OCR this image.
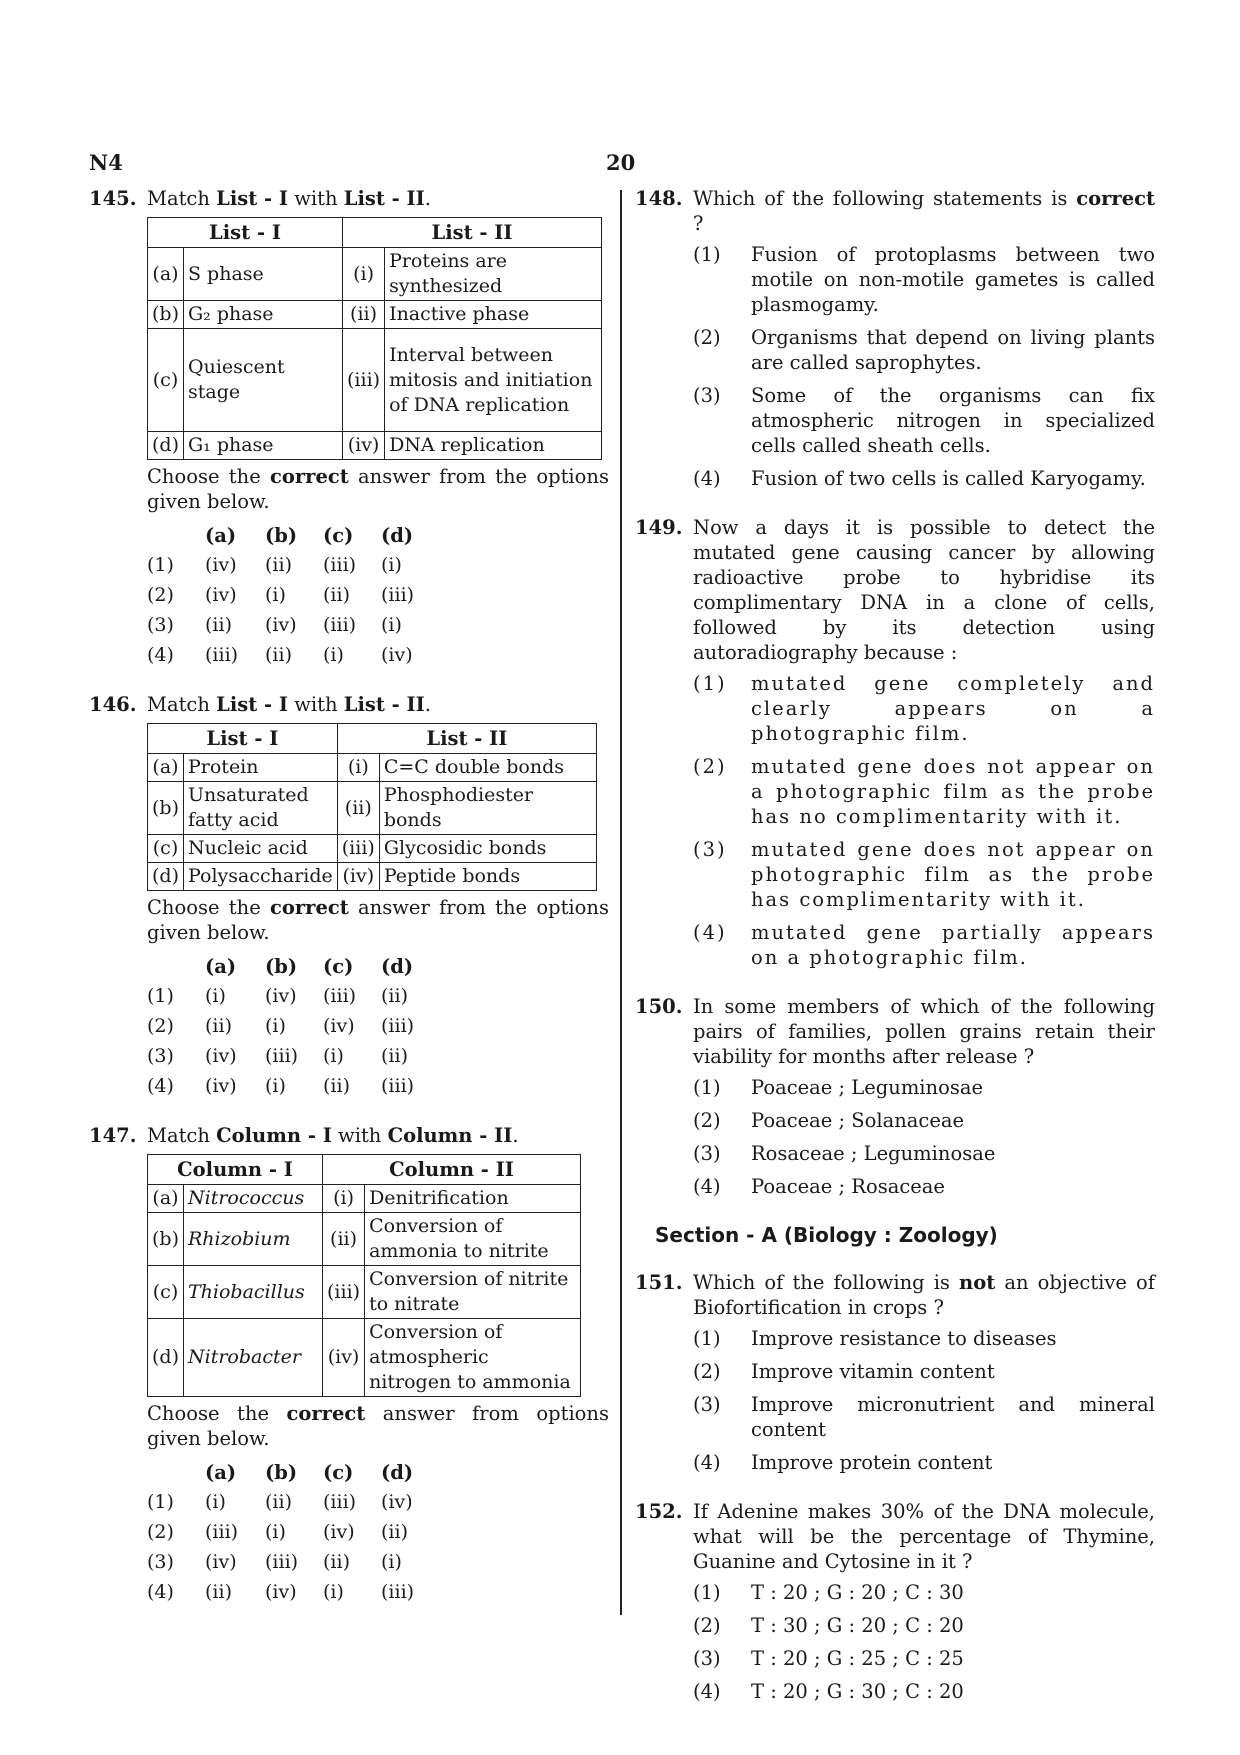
N4	20
145. Match List - I with List - II.
List - I		List - II	
(a)	S phase	(i)	Proteins are synthesized
(b)	G₂ phase	(ii)	Inactive phase
(c)	Quiescent stage	(iii)	Interval between mitosis and initiation of DNA replication
(d)	G₁ phase	(iv)	DNA replication
Choose the correct answer from the options given below.
	(a)	(b)	(c)	(d)
(1)	(iv)	(ii)	(iii)	(i)
(2)	(iv)	(i)	(ii)	(iii)
(3)	(ii)	(iv)	(iii)	(i)
(4)	(iii)	(ii)	(i)	(iv)
146. Match List - I with List - II.
List - I		List - II	
(a)	Protein	(i)	C=C double bonds
(b)	Unsaturated fatty acid	(ii)	Phosphodiester bonds
(c)	Nucleic acid	(iii)	Glycosidic bonds
(d)	Polysaccharide	(iv)	Peptide bonds
Choose the correct answer from the options given below.
	(a)	(b)	(c)	(d)
(1)	(i)	(iv)	(iii)	(ii)
(2)	(ii)	(i)	(iv)	(iii)
(3)	(iv)	(iii)	(i)	(ii)
(4)	(iv)	(i)	(ii)	(iii)
147. Match Column - I with Column - II.
Column - I		Column - II	
(a)	Nitrococcus	(i)	Denitrification
(b)	Rhizobium	(ii)	Conversion of ammonia to nitrite
(c)	Thiobacillus	(iii)	Conversion of nitrite to nitrate
(d)	Nitrobacter	(iv)	Conversion of atmospheric nitrogen to ammonia
Choose the correct answer from options given below.
	(a)	(b)	(c)	(d)
(1)	(i)	(ii)	(iii)	(iv)
(2)	(iii)	(i)	(iv)	(ii)
(3)	(iv)	(iii)	(ii)	(i)
(4)	(ii)	(iv)	(i)	(iii)
148. Which of the following statements is correct ?
(1) Fusion of protoplasms between two motile on non-motile gametes is called plasmogamy.
(2) Organisms that depend on living plants are called saprophytes.
(3) Some of the organisms can fix atmospheric nitrogen in specialized cells called sheath cells.
(4) Fusion of two cells is called Karyogamy.
149. Now a days it is possible to detect the mutated gene causing cancer by allowing radioactive probe to hybridise its complimentary DNA in a clone of cells, followed by its detection using autoradiography because :
(1) mutated gene completely and clearly appears on a photographic film.
(2) mutated gene does not appear on a photographic film as the probe has no complimentarity with it.
(3) mutated gene does not appear on photographic film as the probe has complimentarity with it.
(4) mutated gene partially appears on a photographic film.
150. In some members of which of the following pairs of families, pollen grains retain their viability for months after release ?
(1) Poaceae ; Leguminosae
(2) Poaceae ; Solanaceae
(3) Rosaceae ; Leguminosae
(4) Poaceae ; Rosaceae
Section - A (Biology : Zoology)
151. Which of the following is not an objective of Biofortification in crops ?
(1) Improve resistance to diseases
(2) Improve vitamin content
(3) Improve micronutrient and mineral content
(4) Improve protein content
152. If Adenine makes 30% of the DNA molecule, what will be the percentage of Thymine, Guanine and Cytosine in it ?
(1) T : 20 ; G : 20 ; C : 30
(2) T : 30 ; G : 20 ; C : 20
(3) T : 20 ; G : 25 ; C : 25
(4) T : 20 ; G : 30 ; C : 20
